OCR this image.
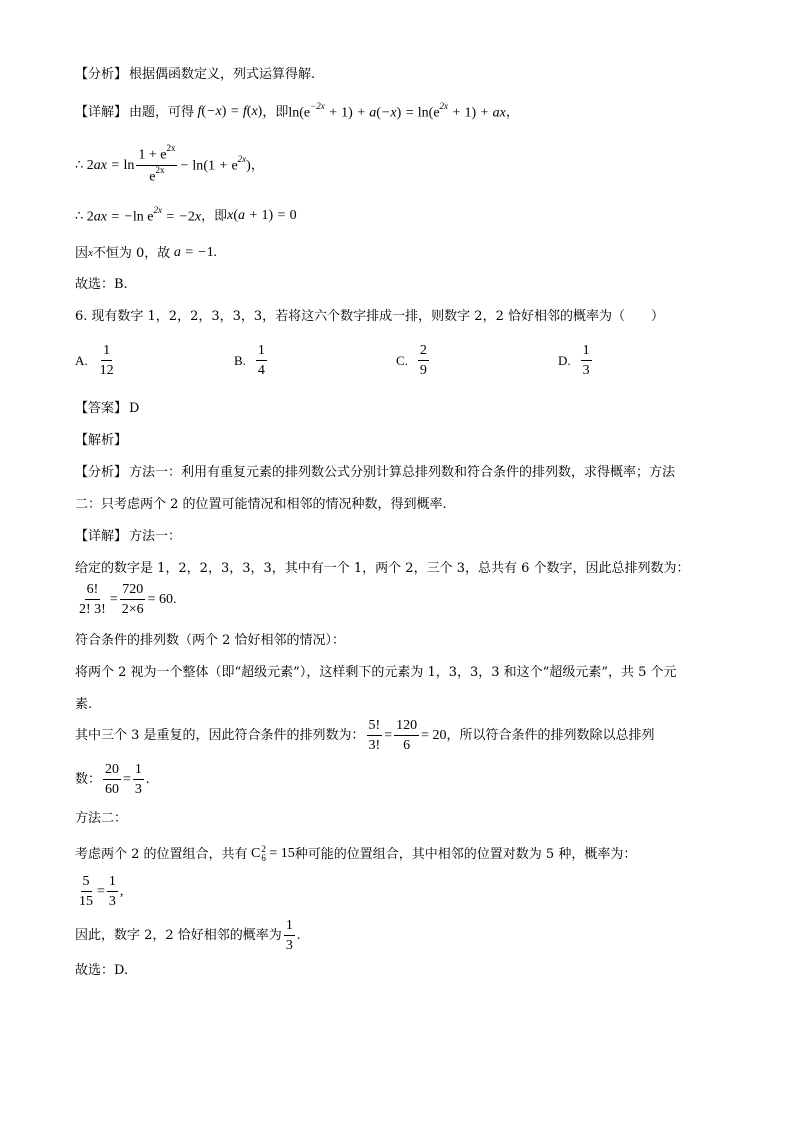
【分析】 根据偶函数定义，列式运算得解.
【详解】 由题，可得 f(−x) = f(x) ，即 $\ln(e^{-2x} + 1) + a(-x) = \ln(e^{2x} + 1)$ + ax ，
∴ $2ax = \ln \frac{1 + e^{2x}}{e^{2x}} - \ln(1 + e^{2x})$ ，
∴ 2ax = −ln $e^{2x} = -2x$ ，即 x(a + 1) = 0
因 x 不恒为 0，故 a = −1.
故选：B.
6. 现有数字 1，2，2，3，3，3，若将这六个数字排成一排，则数字 2，2 恰好相邻的概率为（　　）
A. $\frac{1}{12}$	B. $\frac{1}{4}$	C. $\frac{2}{9}$	D. $\frac{1}{3}$
【答案】 D
【解析】
【分析】 方法一：利用有重复元素的排列数公式分别计算总排列数和符合条件的排列数，求得概率；方法
二：只考虑两个 2 的位置可能情况和相邻的情况种数，得到概率.
【详解】 方法一：
给定的数字是 1，2，2，3，3，3，其中有一个 1，两个 2，三个 3，总共有 6 个数字，因此总排列数为：
$\frac{6!}{2! 3!} = \frac{720}{2\times 6} = 60$.
符合条件的排列数（两个 2 恰好相邻的情况）：
将两个 2 视为一个整体（即“超级元素”），这样剩下的元素为 1，3，3，3 和这个“超级元素”，共 5 个元
素.
其中三个 3 是重复的，因此符合条件的排列数为： $\frac{5!}{3!} = \frac{120}{6} = 20$ ，所以符合条件的排列数除以总排列
数： $\frac{20}{60} = \frac{1}{3}$ .
方法二：
考虑两个 2 的位置组合，共有 C 2
6 = 15 种可能的位置组合，其中相邻的位置对数为 5 种，概率为：
$\frac{5}{15} = \frac{1}{3}$ ,
因此，数字 2，2 恰好相邻的概率为 $\frac{1}{3}$ .
故选：D.
